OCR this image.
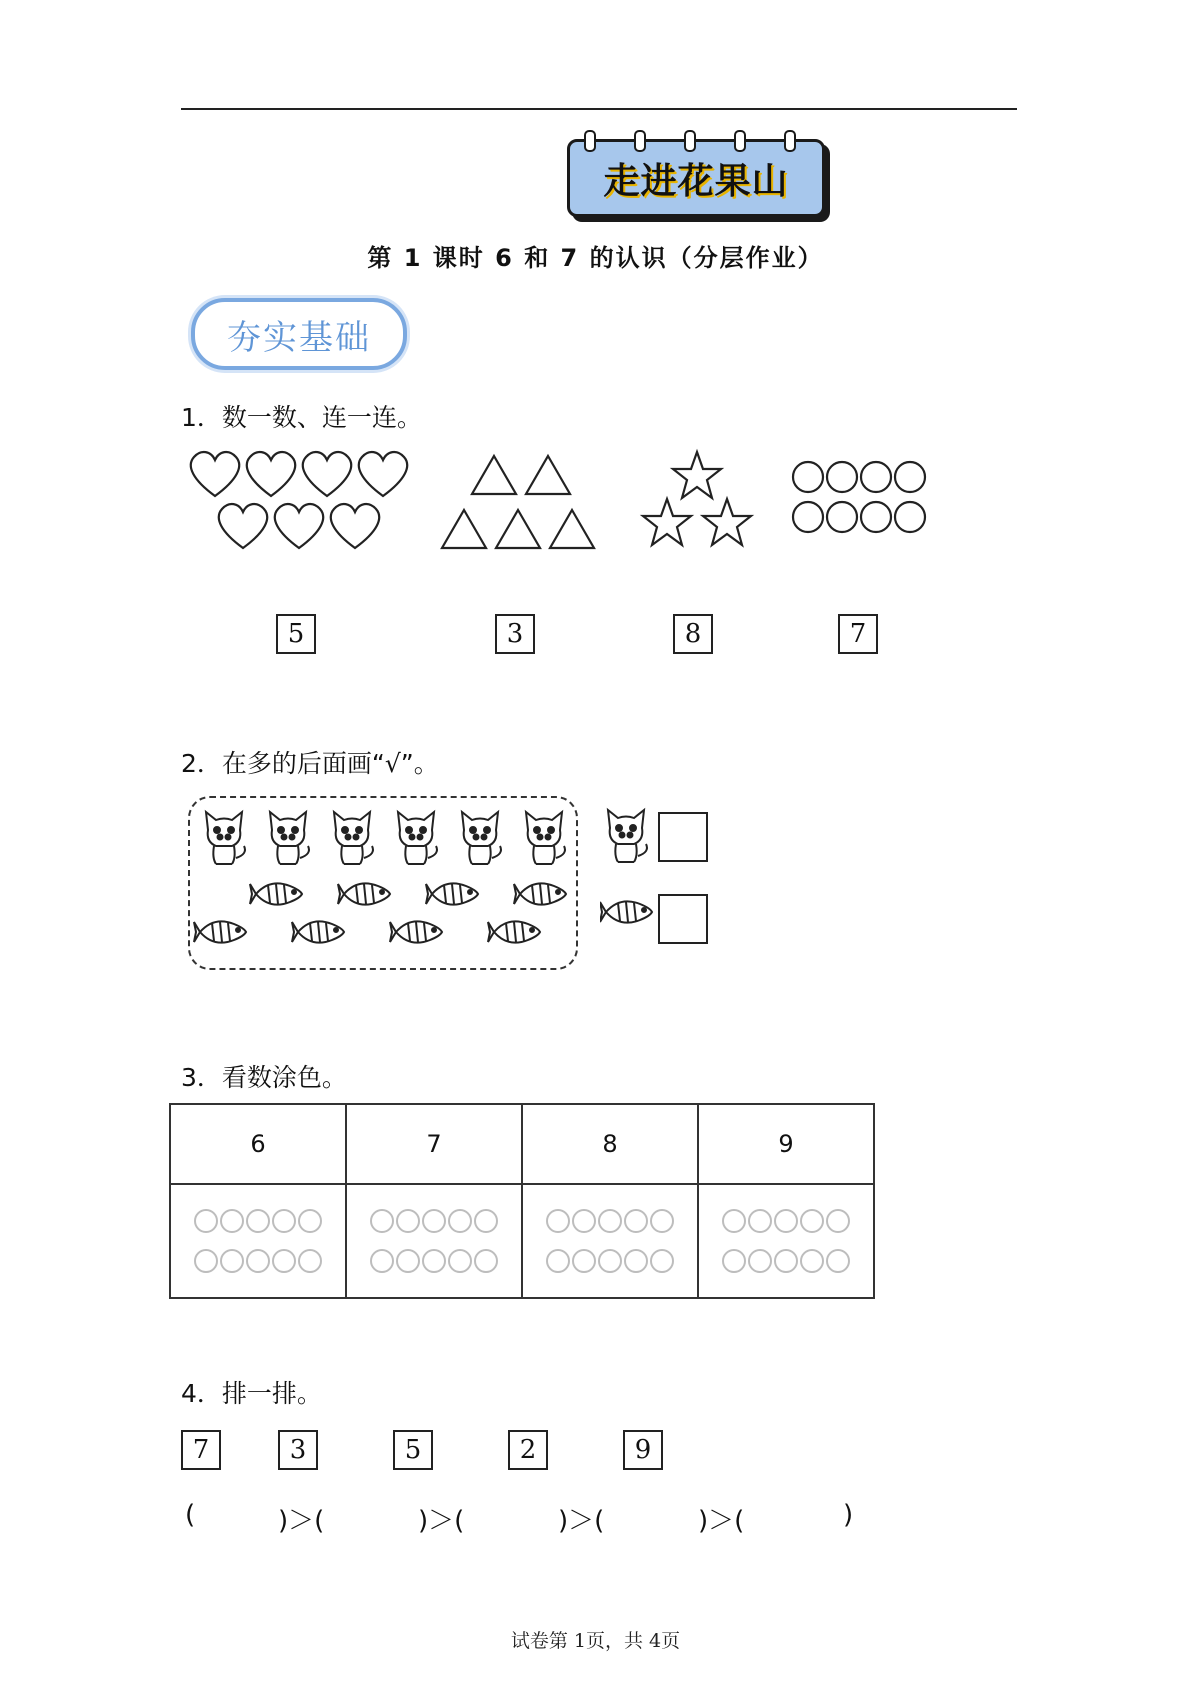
走进花果山
第 1 课时 6 和 7 的认识（分层作业）
夯实基础
1．数一数、连一连。
5	3	8	7
2．在多的后面画“√”。
3．看数涂色。
6	7	8	9

4．排一排。
7	3	5	2	9
(	)＞(	)＞(	)＞(	)＞(	)
试卷第 1页，共 4页
